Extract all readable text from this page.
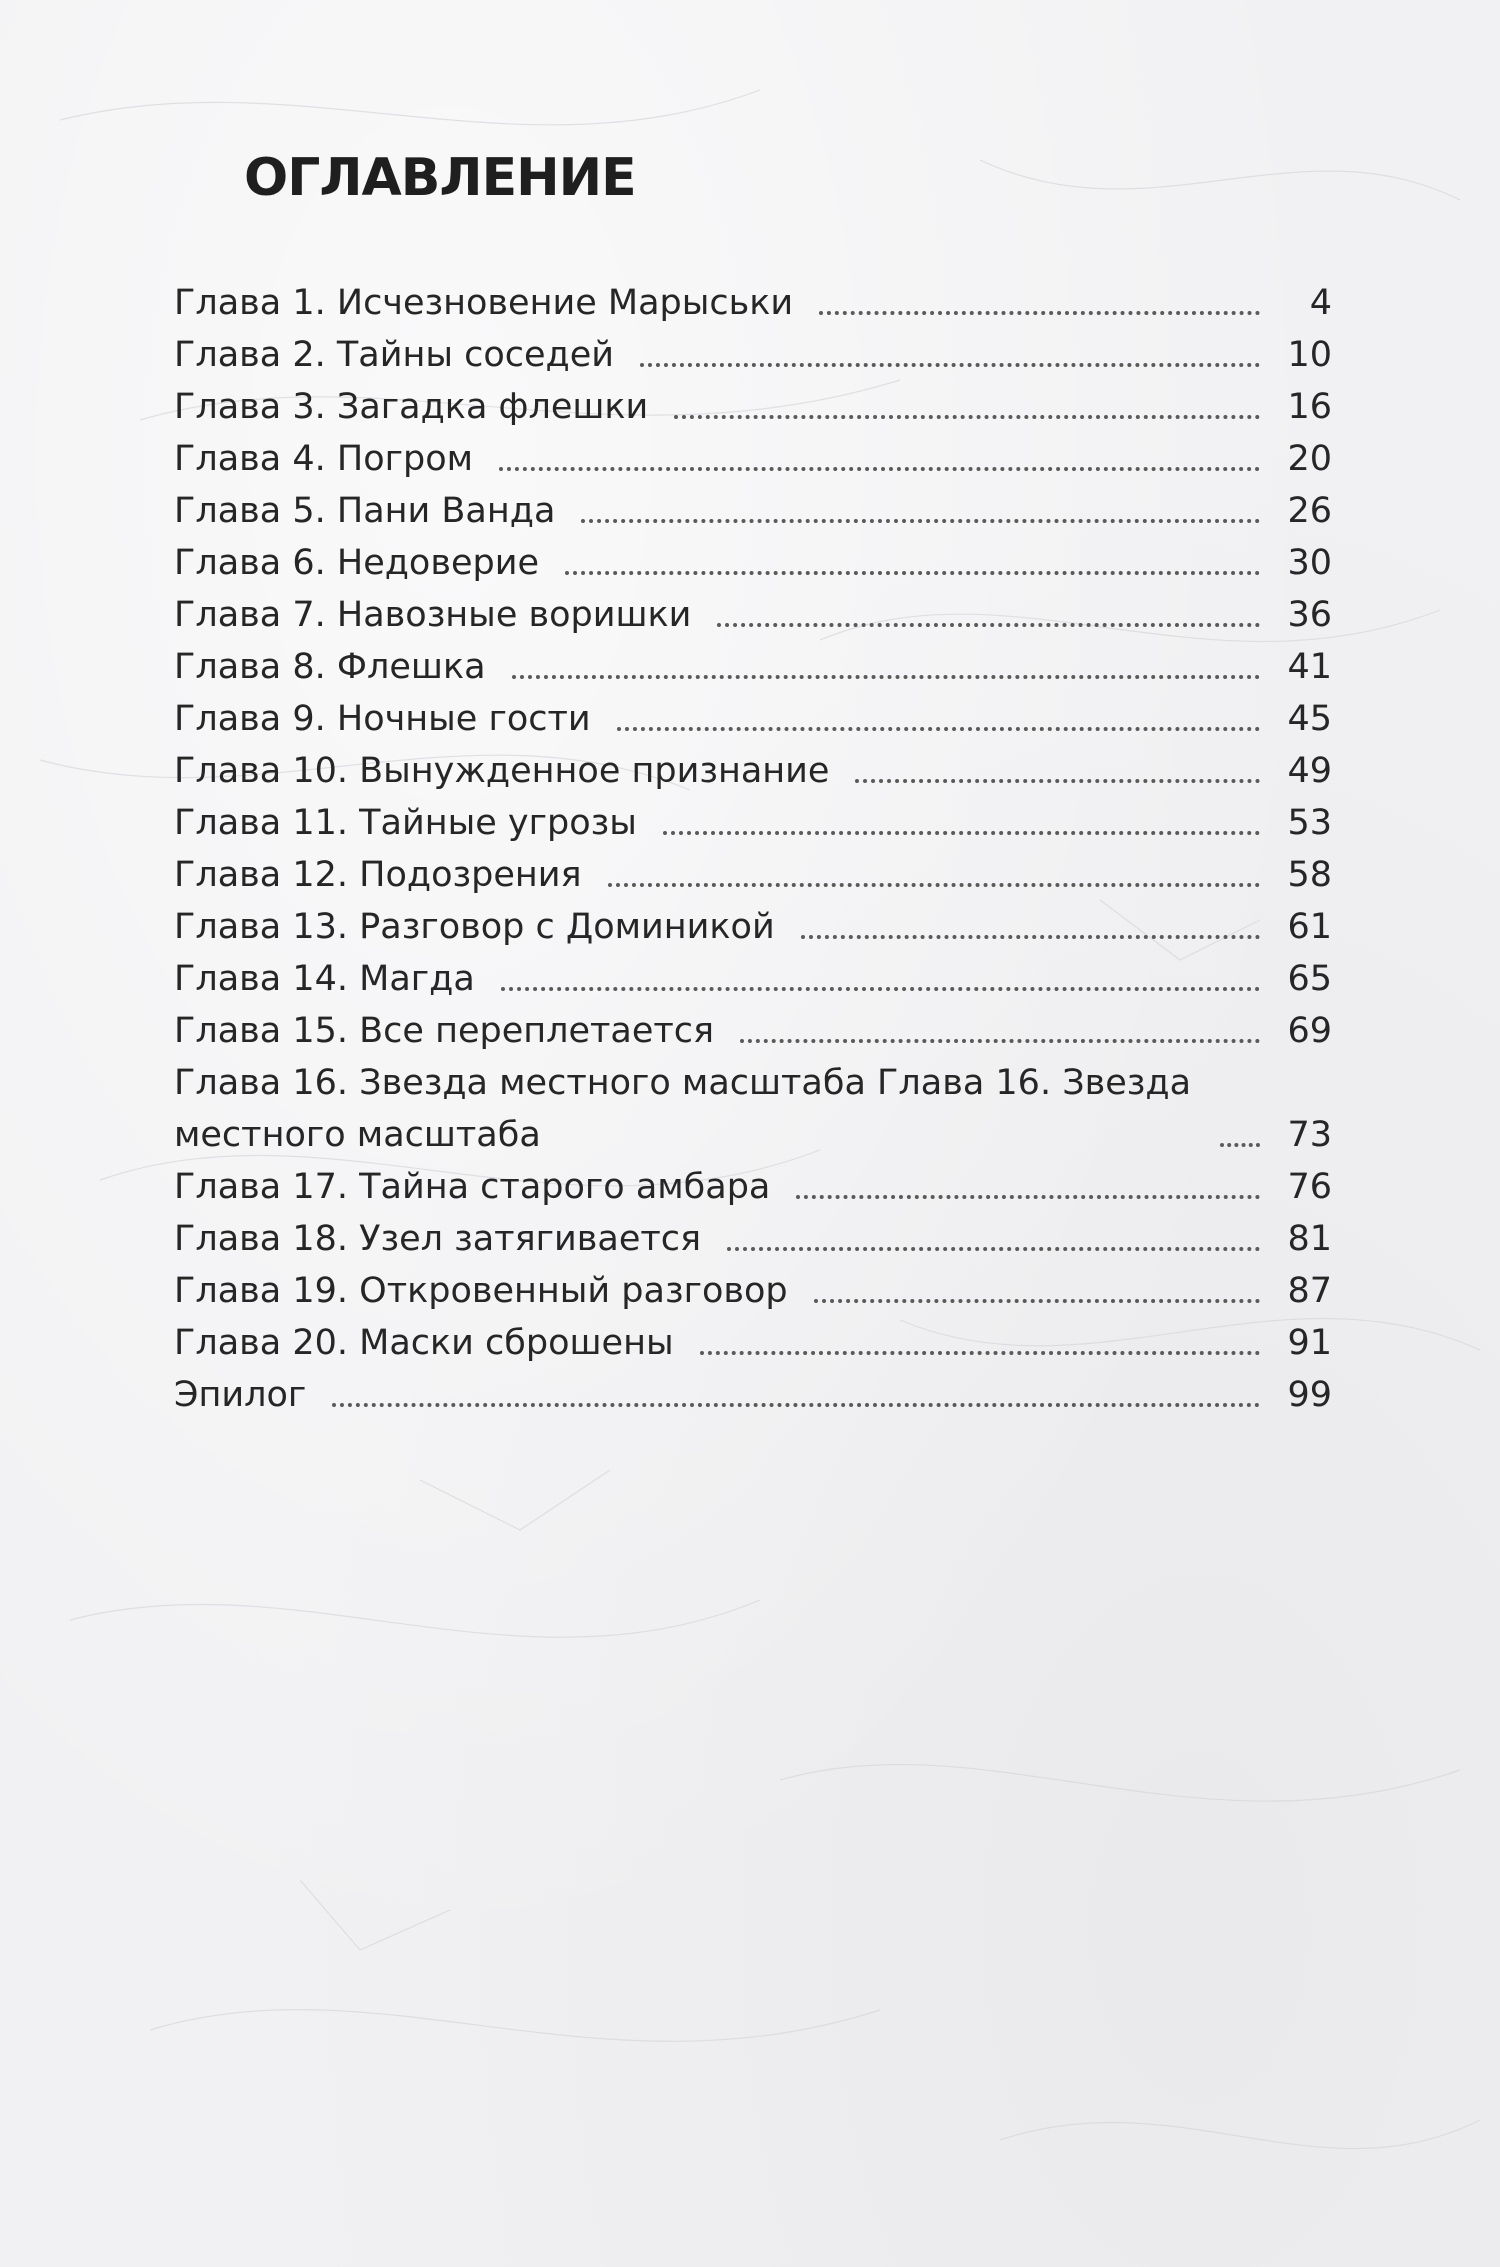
ОГЛАВЛЕНИЕ
Глава 1. Исчезновение Марыськи	4
Глава 2. Тайны соседей	10
Глава 3. Загадка флешки	16
Глава 4. Погром	20
Глава 5. Пани Ванда	26
Глава 6. Недоверие	30
Глава 7. Навозные воришки	36
Глава 8. Флешка	41
Глава 9. Ночные гости	45
Глава 10. Вынужденное признание	49
Глава 11. Тайные угрозы	53
Глава 12. Подозрения	58
Глава 13. Разговор с Доминикой	61
Глава 14. Магда	65
Глава 15. Все переплетается	69
Глава 16. Звезда местного масштаба Глава 16. Звезда местного масштаба	73
Глава 17. Тайна старого амбара	76
Глава 18. Узел затягивается	81
Глава 19. Откровенный разговор	87
Глава 20. Маски сброшены	91
Эпилог	99
